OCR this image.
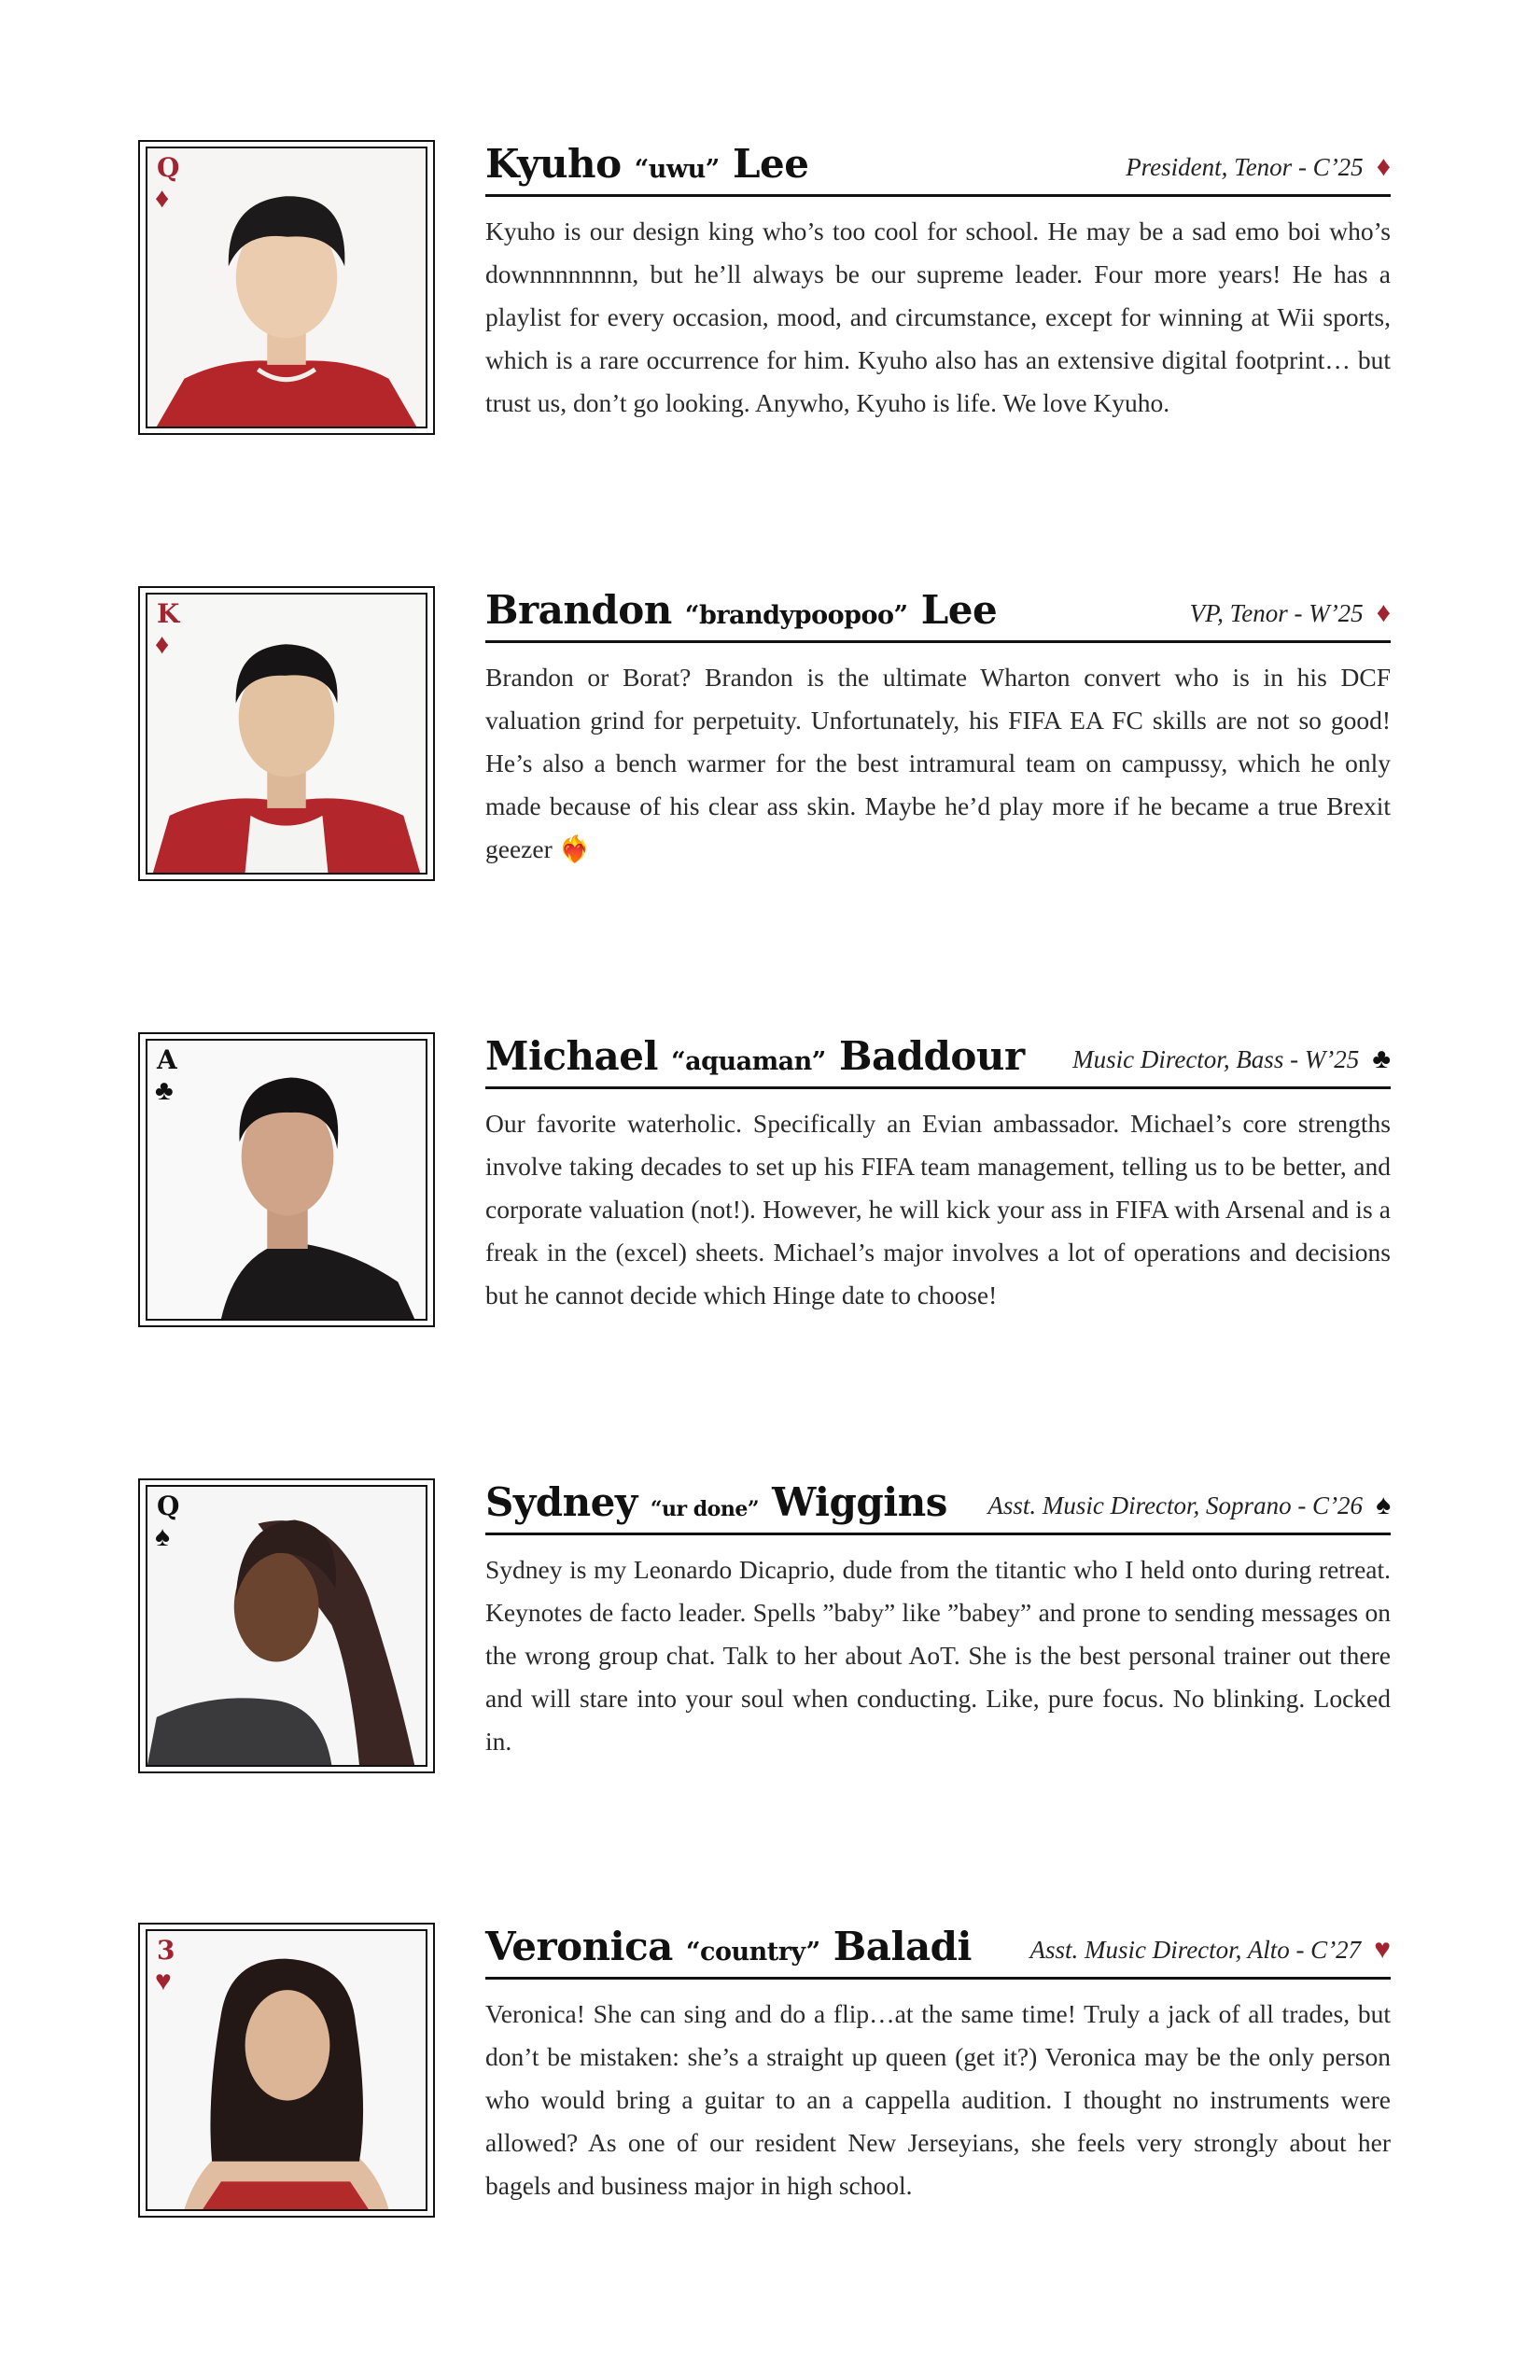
Q
♦
Kyuho “uwu” Lee	President, Tenor - C’25 ♦

Kyuho is our design king who’s too cool for school. He may be a sad emo boi who’s downnnnnnnn, but he’ll always be our supreme leader. Four more years! He has a playlist for every occasion, mood, and circumstance, except for winning at Wii sports, which is a rare occurrence for him. Kyuho also has an extensive digital footprint… but trust us, don’t go looking. Anywho, Kyuho is life. We love Kyuho.

K
♦
Brandon “brandypoopoo” Lee	VP, Tenor - W’25 ♦

Brandon or Borat? Brandon is the ultimate Wharton convert who is in his DCF valuation grind for perpetuity. Unfortunately, his FIFA EA FC skills are not so good! He’s also a bench warmer for the best intramural team on campussy, which he only made because of his clear ass skin. Maybe he’d play more if he became a true Brexit geezer ❤️‍🔥

A
♣
Michael “aquaman” Baddour Music Director, Bass - W’25 ♣

Our favorite waterholic. Specifically an Evian ambassador. Michael’s core strengths involve taking decades to set up his FIFA team management, telling us to be better, and corporate valuation (not!). However, he will kick your ass in FIFA with Arsenal and is a freak in the (excel) sheets. Michael’s major involves a lot of operations and decisions but he cannot decide which Hinge date to choose!

Q
♠
Sydney “ur done” Wiggins Asst. Music Director, Soprano - C’26 ♠

Sydney is my Leonardo Dicaprio, dude from the titantic who I held onto during retreat. Keynotes de facto leader. Spells ”baby” like ”babey” and prone to sending messages on the wrong group chat. Talk to her about AoT. She is the best personal trainer out there and will stare into your soul when conducting. Like, pure focus. No blinking. Locked in.

3
♥
Veronica “country” Baladi Asst. Music Director, Alto - C’27 ♥

Veronica! She can sing and do a flip…at the same time! Truly a jack of all trades, but don’t be mistaken: she’s a straight up queen (get it?) Veronica may be the only person who would bring a guitar to an a cappella audition. I thought no instruments were allowed? As one of our resident New Jerseyians, she feels very strongly about her bagels and business major in high school.
